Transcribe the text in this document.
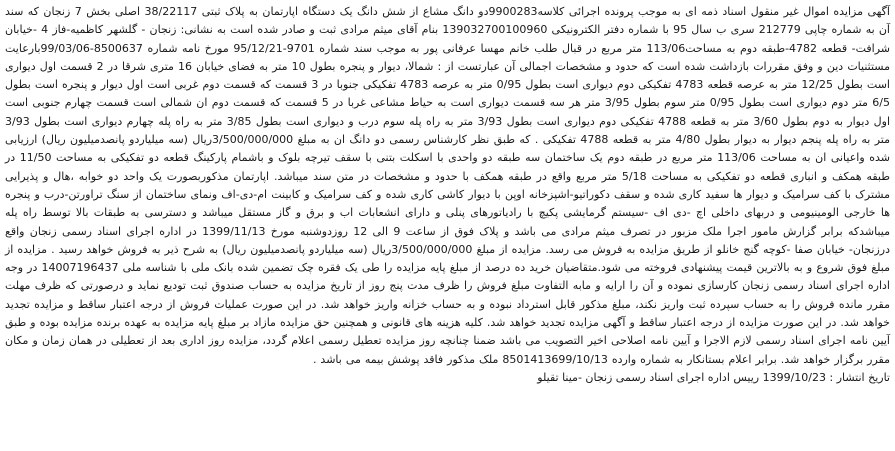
آگهی مزایده اموال غیر منقول اسناد ذمه ای به موجب پرونده اجرائی کلاسه9900283دو دانگ مشاع از شش دانگ یک دستگاه اپارتمان به پلاک ثبتی 38/22117 اصلی بخش 7 زنجان که سند آن به شماره چاپی 212779 سری ب سال 95 با شماره دفتر الکترونیکی 139032700100960 بنام آقای میثم مرادی ثبت و صادر شده است به نشانی: زنجان - گلشهر کاظمیه-فاز 4 -خیابان شرافت- قطعه 4782-طبقه دوم به مساحت113/06 متر مربع در قبال طلب خانم مهسا عرفانی پور به موجب سند شماره 9701-95/12/21 مورخ نامه شماره 8500637-99/03/06بارعایت مستثنیات دین و وفق مقررات بازداشت شده است که حدود و مشخصات اجمالی آن عبارتست از : شمالا، دیوار و پنجره بطول 10 متر به فضای خیابان 16 متری شرقا در 2 قسمت اول دیواری است بطول 12/25 متر به عرصه قطعه 4783 تفکیکی دوم دیواری است بطول 0/95 متر به عرصه 4783 تفکیکی جنوبا در 3 قسمت که قسمت دوم غربی است اول دیوار و پنجره است بطول 6/5 متر دوم دیواری است بطول 0/95 متر سوم بطول 3/95 متر هر سه قسمت دیواری است به حیاط مشاعی غربا در 5 قسمت که قسمت دوم ان شمالی است قسمت چهارم جنوبی است اول دیوار به دوم بطول 3/60 متر به قطعه 4788 تفکیکی دوم دیواری است بطول 3/93 متر به راه پله سوم درب و دیواری است بطول 3/85 متر به راه پله چهارم دیواری است بطول 3/93 متر به راه پله پنجم دیوار به دیوار بطول 4/80 متر به قطعه 4788 تفکیکی . که طبق نظر کارشناس رسمی دو دانگ ان به مبلغ 3/500/000/000ریال (سه میلیاردو پانصدمیلیون ریال) ارزیابی شده واعیانی ان به مساحت 113/06 متر مربع در طبقه دوم یک ساختمان سه طبقه دو واحدی با اسکلت بتنی با سقف تیرچه بلوک و باشمام پارکینگ قطعه دو تفکیکی به مساحت 11/50 در طبقه همکف و انباری قطعه دو تفکیکی به مساحت 5/18 متر مربع واقع در طبقه همکف با حدود و مشخصات در متن سند میباشد. اپارتمان مذکوربصورت یک واحد دو خوابه ،هال و پذیرایی مشترک با کف سرامیک و دیوار ها سفید کاری شده و سقف دکوراتیو-اشپزخانه اوپن با دیوار کاشی کاری شده و کف سرامیک و کابینت ام-دی-اف ونمای ساختمان از سنگ تراورتن-درب و پنجره ها خارجی الومینیومی و دربهای داخلی اچ -دی اف -سیستم گرمایشی پکیچ با رادیاتورهای پنلی و دارای انشعابات اب و برق و گاز مستقل میباشد و دسترسی به طبقات بالا توسط راه پله میباشدکه برابر گزارش مامور اجرا ملک مزبور در تصرف میثم مرادی می باشد و پلاک فوق از ساعت 9 الی 12 روزدوشنبه مورخ 1399/11/13 در اداره اجرای اسناد رسمی زنجان واقع درزنجان- خیابان صفا -کوچه گنج خانلو از طریق مزایده به فروش می رسد. مزایده از مبلغ 3/500/000/000ریال (سه میلیاردو پانصدمیلیون ریال) به شرح ذیر به فروش خواهد رسید . مزایده از مبلغ فوق شروع و به بالاترین قیمت پیشنهادی فروخته می شود.متقاضیان خرید ده درصد از مبلغ پایه مزایده را طی یک فقره چک تضمین شده بانک ملی با شناسه ملی 14007196437 در وجه اداره اجرای اسناد رسمی زنجان کارسازی نموده و آن را ارایه و مابه التفاوت مبلغ فروش را ظرف مدت پنج روز از تاریخ مزایده به حساب صندوق ثبت تودیع نماید و درصورتی که ظرف مهلت مقرر مانده فروش را به حساب سپرده ثبت واریز نکند، مبلغ مذکور قابل استرداد نبوده و به حساب خزانه واریز خواهد شد. در این صورت عملیات فروش از درجه اعتبار ساقط و مزایده تجدید خواهد شد. در این صورت مزایده از درجه اعتبار ساقط و آگهی مزایده تجدید خواهد شد. کلیه هزینه های قانونی و همچنین حق مزایده مازاد بر مبلغ پایه مزایده به عهده برنده مزایده بوده و طبق آیین نامه اجرای اسناد رسمی لازم الاجرا و آیین نامه اصلاحی اخیر التصویب می باشد ضمنا چنانچه روز مزایده تعطیل رسمی اعلام گردد، مزایده روز اداری بعد از تعطیلی در همان زمان و مکان مقرر برگزار خواهد شد. برابر اعلام بستانکار به شماره وارده 8501413699/10/13 ملک مذکور فاقد پوشش بیمه می باشد .

تاریخ انتشار : 1399/10/23 رییس اداره اجرای اسناد رسمی زنجان -مینا تقیلو
